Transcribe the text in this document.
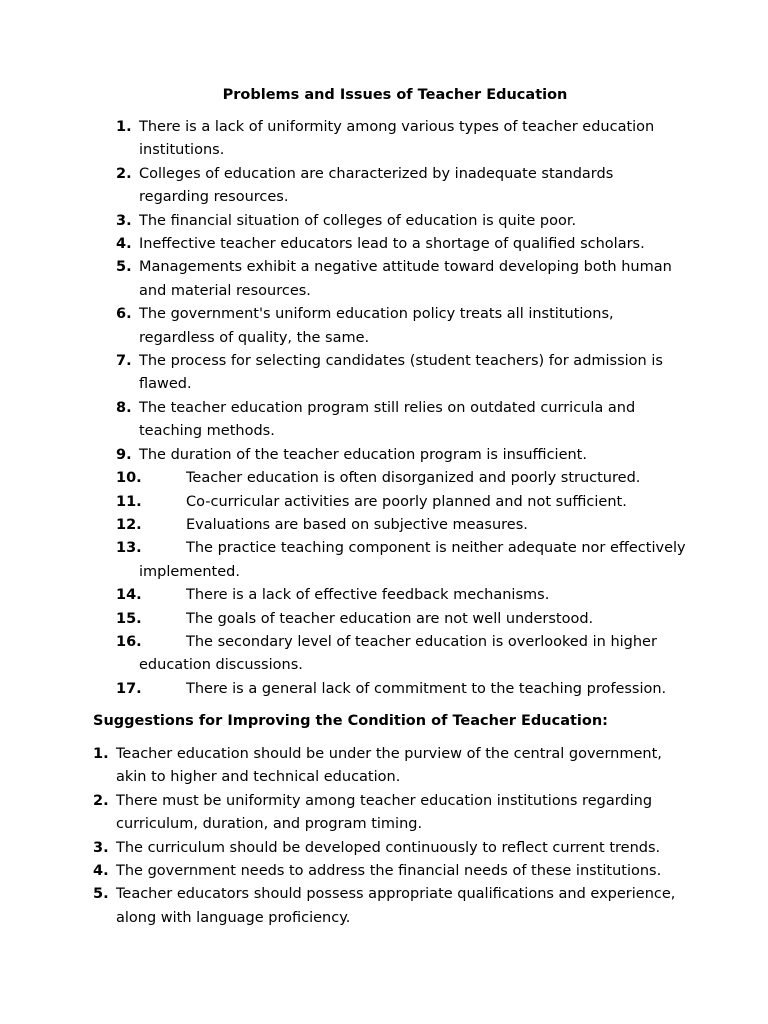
Problems and Issues of Teacher Education
1. There is a lack of uniformity among various types of teacher education
institutions.
2. Colleges of education are characterized by inadequate standards
regarding resources.
3. The financial situation of colleges of education is quite poor.
4. Ineffective teacher educators lead to a shortage of qualified scholars.
5. Managements exhibit a negative attitude toward developing both human
and material resources.
6. The government's uniform education policy treats all institutions,
regardless of quality, the same.
7. The process for selecting candidates (student teachers) for admission is
flawed.
8. The teacher education program still relies on outdated curricula and
teaching methods.
9. The duration of the teacher education program is insufficient.
10.	Teacher education is often disorganized and poorly structured.
11.	Co-curricular activities are poorly planned and not sufficient.
12.	Evaluations are based on subjective measures.
13.	The practice teaching component is neither adequate nor effectively
implemented.
14.	There is a lack of effective feedback mechanisms.
15.	The goals of teacher education are not well understood.
16.	The secondary level of teacher education is overlooked in higher
education discussions.
17.	There is a general lack of commitment to the teaching profession.
Suggestions for Improving the Condition of Teacher Education:
1. Teacher education should be under the purview of the central government,
akin to higher and technical education.
2. There must be uniformity among teacher education institutions regarding
curriculum, duration, and program timing.
3. The curriculum should be developed continuously to reflect current trends.
4. The government needs to address the financial needs of these institutions.
5. Teacher educators should possess appropriate qualifications and experience,
along with language proficiency.
